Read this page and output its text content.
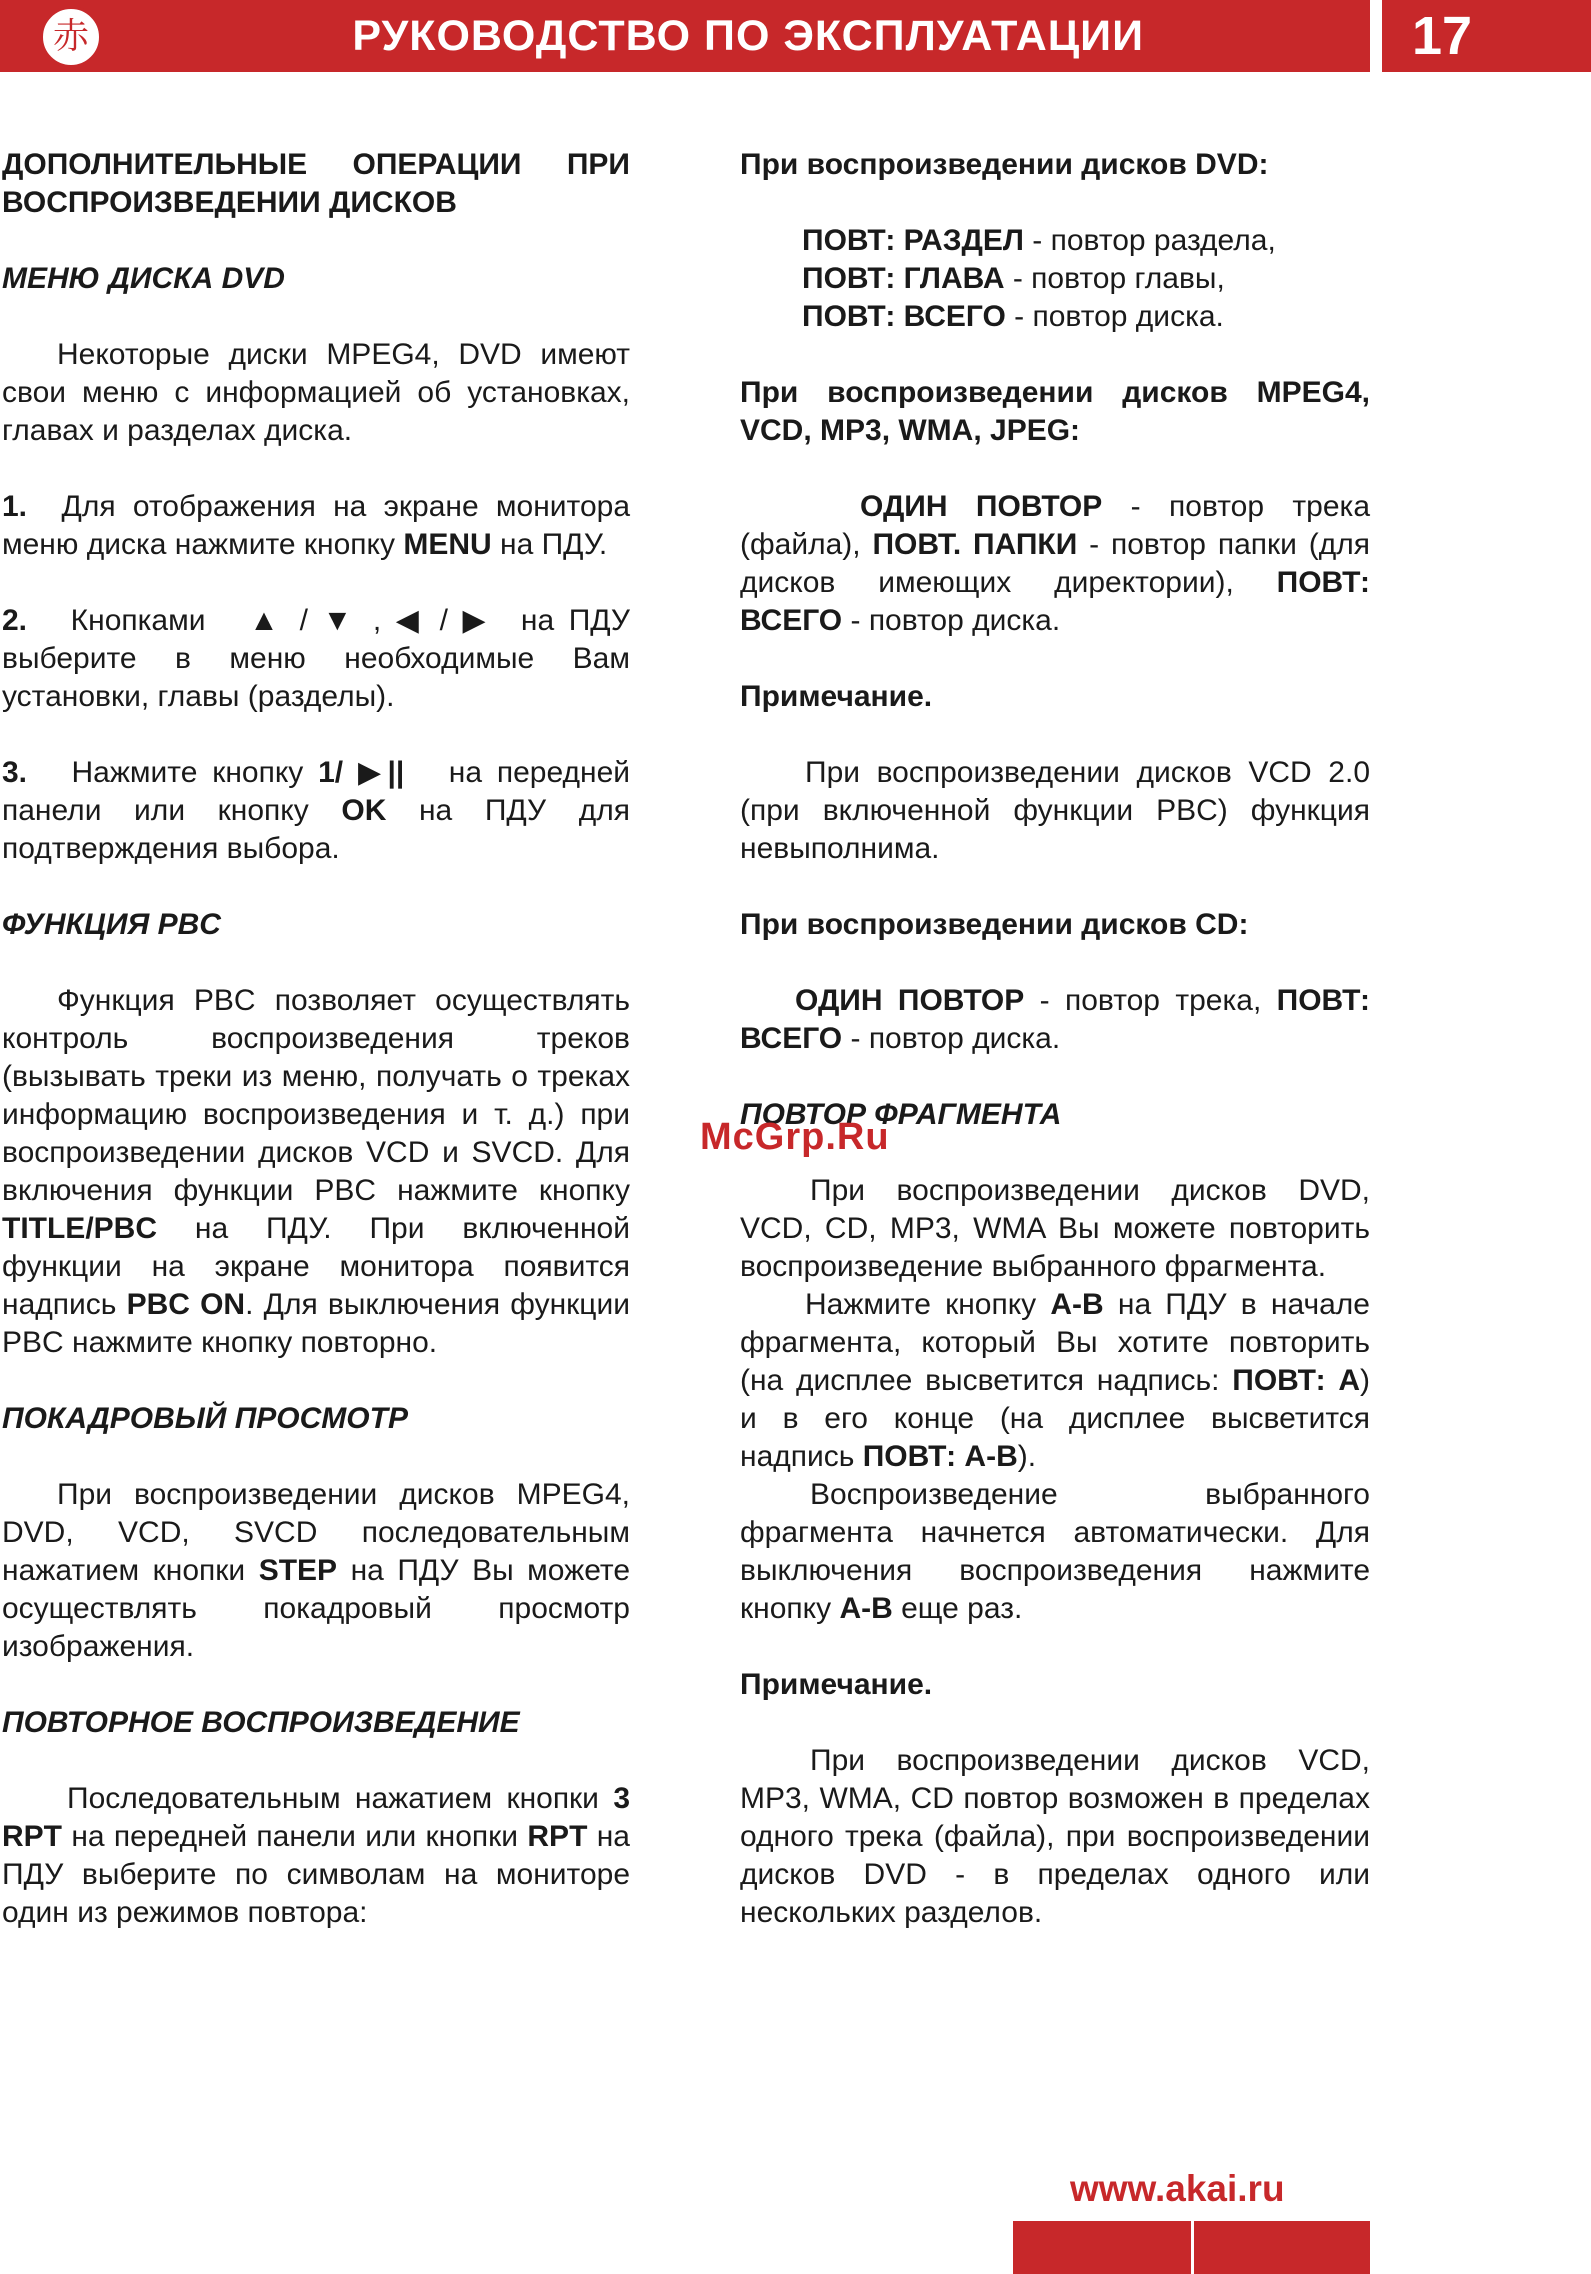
赤	РУКОВОДСТВО ПО ЭКСПЛУАТАЦИИ	17

ДОПОЛНИТЕЛЬНЫЕ ОПЕРАЦИИ ПРИ ВОСПРОИЗВЕДЕНИИ ДИСКОВ

МЕНЮ ДИСКА DVD

Некоторые диски MPEG4, DVD имеют свои меню с информацией об установках, главах и разделах диска.

1. Для отображения на экране монитора меню диска нажмите кнопку MENU на ПДУ.

2. Кнопками ▲ / ▼ , ◀ / ▶ на ПДУ выберите в меню необходимые Вам установки, главы (разделы).

3. Нажмите кнопку 1/ ▶|| на передней панели или кнопку OK на ПДУ для подтверждения выбора.

ФУНКЦИЯ PBC

Функция PBC позволяет осуществлять контроль воспроизведения треков (вызывать треки из меню, получать о треках информацию воспроизведения и т. д.) при воспроизведении дисков VCD и SVCD. Для включения функции PBC нажмите кнопку TITLE/PBC на ПДУ. При включенной функции на экране монитора появится надпись PBC ON. Для выключения функции PBC нажмите кнопку повторно.

ПОКАДРОВЫЙ ПРОСМОТР

При воспроизведении дисков MPEG4, DVD, VCD, SVCD последовательным нажатием кнопки STEP на ПДУ Вы можете осуществлять покадровый просмотр изображения.

ПОВТОРНОЕ ВОСПРОИЗВЕДЕНИЕ

Последовательным нажатием кнопки 3 RPT на передней панели или кнопки RPT на ПДУ выберите по символам на мониторе один из режимов повтора:

При воспроизведении дисков DVD:

ПОВТ: РАЗДЕЛ - повтор раздела,
ПОВТ: ГЛАВА - повтор главы,
ПОВТ: ВСЕГО - повтор диска.

При воспроизведении дисков MPEG4, VCD, MP3, WMA, JPEG:

ОДИН ПОВТОР - повтор трека (файла), ПОВТ. ПАПКИ - повтор папки (для дисков имеющих директории), ПОВТ: ВСЕГО - повтор диска.

Примечание.

При воспроизведении дисков VCD 2.0 (при включенной функции PBC) функция невыполнима.

При воспроизведении дисков CD:

ОДИН ПОВТОР - повтор трека, ПОВТ: ВСЕГО - повтор диска.

ПОВТОР ФРАГМЕНТА

При воспроизведении дисков DVD, VCD, CD, MP3, WMA Вы можете повторить воспроизведение выбранного фрагмента.

Нажмите кнопку A-B на ПДУ в начале фрагмента, который Вы хотите повторить (на дисплее высветится надпись: ПОВТ: A) и в его конце (на дисплее высветится надпись ПОВТ: A-B).

Воспроизведение выбранного фрагмента начнется автоматически. Для выключения воспроизведения нажмите кнопку A-B еще раз.

Примечание.

При воспроизведении дисков VCD, MP3, WMA, CD повтор возможен в пределах одного трека (файла), при воспроизведении дисков DVD - в пределах одного или нескольких разделов.

McGrp.Ru
www.akai.ru
